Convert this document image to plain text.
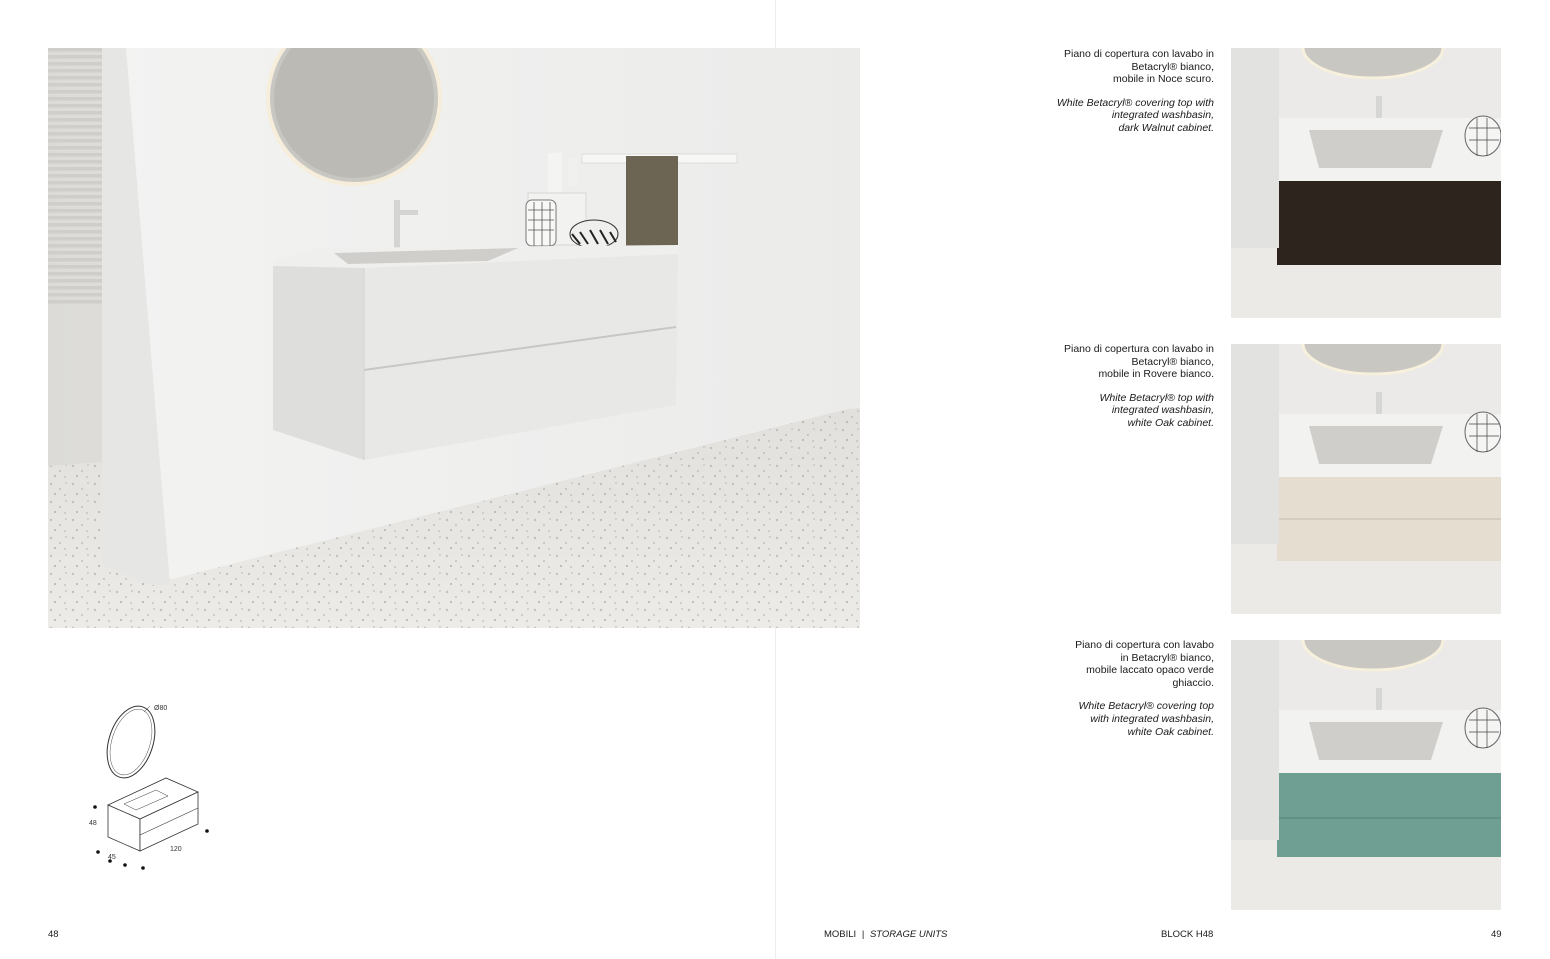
Ø80
48
45
120

Piano di copertura con lavabo in

Betacryl® bianco,

mobile in Noce scuro.

White Betacryl® covering top with

integrated washbasin,

dark Walnut cabinet.

Piano di copertura con lavabo in

Betacryl® bianco,

mobile in Rovere bianco.

White Betacryl® top with

integrated washbasin,

white Oak cabinet.

Piano di copertura con lavabo

in Betacryl® bianco,

mobile laccato opaco verde

ghiaccio.

White Betacryl® covering top

with integrated washbasin,

white Oak cabinet.

48	MOBILI | STORAGE UNITS	BLOCK H48	49
